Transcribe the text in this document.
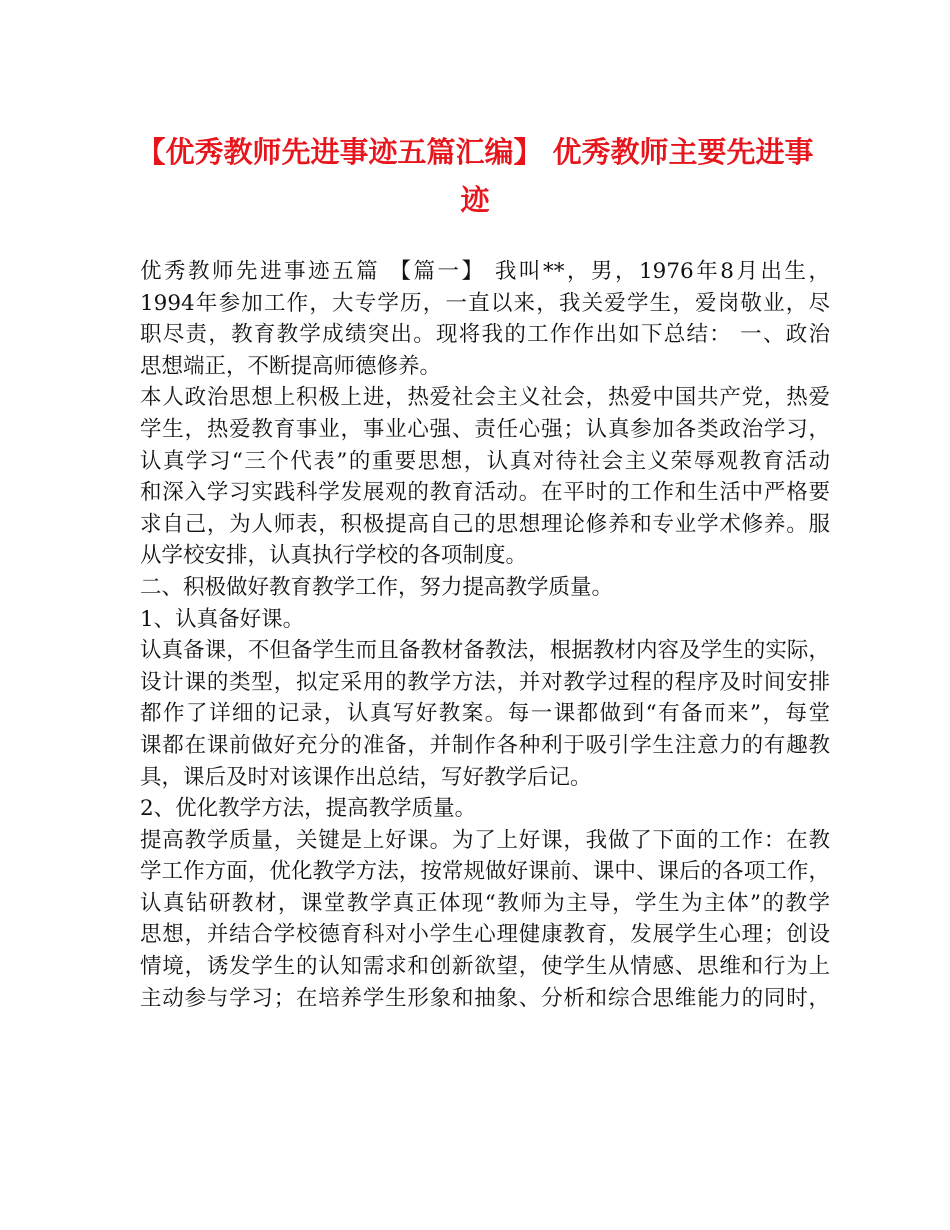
【优秀教师先进事迹五篇汇编】 优秀教师主要先进事
迹
优秀教师先进事迹五篇 【篇一】 我叫**，男，1976年8月出生，
1994年参加工作，大专学历，一直以来，我关爱学生，爱岗敬业，尽
职尽责，教育教学成绩突出。现将我的工作作出如下总结： 一、政治
思想端正，不断提高师德修养。
本人政治思想上积极上进，热爱社会主义社会，热爱中国共产党，热爱
学生，热爱教育事业，事业心强、责任心强；认真参加各类政治学习，
认真学习“三个代表”的重要思想，认真对待社会主义荣辱观教育活动
和深入学习实践科学发展观的教育活动。在平时的工作和生活中严格要
求自己，为人师表，积极提高自己的思想理论修养和专业学术修养。服
从学校安排，认真执行学校的各项制度。
二、积极做好教育教学工作，努力提高教学质量。
1、认真备好课。
认真备课，不但备学生而且备教材备教法，根据教材内容及学生的实际，
设计课的类型，拟定采用的教学方法，并对教学过程的程序及时间安排
都作了详细的记录，认真写好教案。每一课都做到“有备而来”，每堂
课都在课前做好充分的准备，并制作各种利于吸引学生注意力的有趣教
具，课后及时对该课作出总结，写好教学后记。
2、优化教学方法，提高教学质量。
提高教学质量，关键是上好课。为了上好课，我做了下面的工作：在教
学工作方面，优化教学方法，按常规做好课前、课中、课后的各项工作，
认真钻研教材，课堂教学真正体现“教师为主导，学生为主体”的教学
思想，并结合学校德育科对小学生心理健康教育，发展学生心理；创设
情境，诱发学生的认知需求和创新欲望，使学生从情感、思维和行为上
主动参与学习；在培养学生形象和抽象、分析和综合思维能力的同时，
